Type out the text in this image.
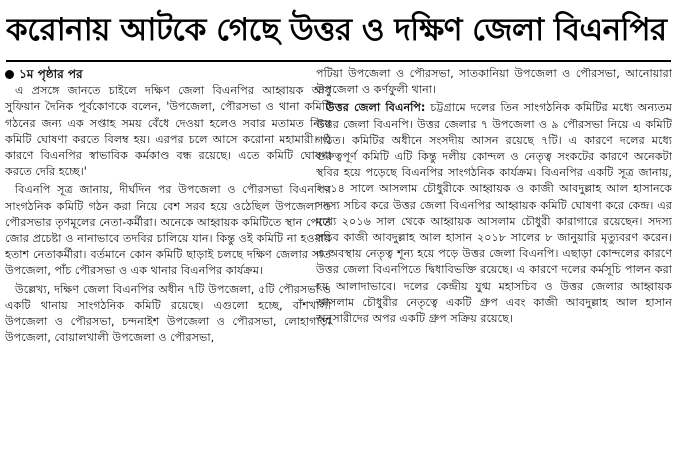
করোনায় আটকে গেছে উত্তর ও দক্ষিণ জেলা বিএনপির
১ম পৃষ্ঠার পর

এ প্রসঙ্গে জানতে চাইলে দক্ষিণ জেলা বিএনপির আহ্বায়ক আবু সুফিয়ান দৈনিক পূর্বকোণকে বলেন, 'উপজেলা, পৌরসভা ও থানা কমিটি গঠনের জন্য এক সপ্তাহ সময় বেঁধে দেওয়া হলেও সবার মতামত নিয়ে কমিটি ঘোষণা করতে বিলম্ব হয়। এরপর চলে আসে করোনা মহামারী। এ কারণে বিএনপির স্বাভাবিক কর্মকাণ্ড বন্ধ রয়েছে। এতে কমিটি ঘোষণা করতে দেরি হচ্ছে।'

বিএনপি সূত্র জানায়, দীর্ঘদিন পর উপজেলা ও পৌরসভা বিএনপির সাংগঠনিক কমিটি গঠন করা নিয়ে বেশ সরব হয়ে ওঠেছিল উপজেলা ও পৌরসভার তৃণমূলের নেতা-কর্মীরা। অনেকে আহ্বায়ক কমিটিতে স্থান পেতে জোর প্রচেষ্টা ও নানাভাবে তদবির চালিয়ে যান। কিন্তু ওই কমিটি না হওয়ায় হতাশ নেতাকর্মীরা। বর্তমানে কোন কমিটি ছাড়াই চলছে দক্ষিণ জেলার সাত উপজেলা, পাঁচ পৌরসভা ও এক থানার বিএনপির কার্যক্রম।

উল্লেখ্য, দক্ষিণ জেলা বিএনপির অধীন ৭টি উপজেলা, ৫টি পৌরসভা ও একটি থানায় সাংগঠনিক কমিটি রয়েছে। এগুলো হচ্ছে, বাঁশখালী উপজেলা ও পৌরসভা, চন্দনাইশ উপজেলা ও পৌরসভা, লোহাগাড়া উপজেলা, বোয়ালখালী উপজেলা ও পৌরসভা,

পটিয়া উপজেলা ও পৌরসভা, সাতকানিয়া উপজেলা ও পৌরসভা, আনোয়ারা উপজেলা ও কর্ণফুলী থানা।

উত্তর জেলা বিএনপি: চট্টগ্রামে দলের তিন সাংগঠনিক কমিটির মধ্যে অন্যতম উত্তর জেলা বিএনপি। উত্তর জেলার ৭ উপজেলা ও ৯ পৌরসভা নিয়ে এ কমিটি গঠিত। কমিটির অধীনে সংসদীয় আসন রয়েছে ৭টি। এ কারণে দলের মধ্যে গুরুত্বপূর্ণ কমিটি এটি কিন্তু দলীয় কোন্দল ও নেতৃত্ব সংকটের কারণে অনেকটা স্থবির হয়ে পড়েছে বিএনপির সাংগঠনিক কার্যক্রম। বিএনপির একটি সূত্র জানায়, ২০১৪ সালে আসলাম চৌধুরীকে আহ্বায়ক ও কাজী আবদুল্লাহ আল হাসানকে সদস্য সচিব করে উত্তর জেলা বিএনপির আহ্বায়ক কমিটি ঘোষণা করে কেন্দ্র। এর মধ্যে ২০১৬ সাল থেকে আহ্বায়ক আসলাম চৌধুরী কারাগারে রয়েছেন। সদস্য সচিব কাজী আবদুল্লাহ আল হাসান ২০১৮ সালের ৮ জানুয়ারি মৃত্যুবরণ করেন। এ অবস্থায় নেতৃত্ব শূন্য হয়ে পড়ে উত্তর জেলা বিএনপি। এছাড়া কোন্দলের কারণে উত্তর জেলা বিএনপিতে দ্বিধাবিভক্তি রয়েছে। এ কারণে দলের কর্মসূচি পালন করা হয় আলাদাভাবে। দলের কেন্দ্রীয় যুগ্ম মহাসচিব ও উত্তর জেলার আহ্বায়ক আসলাম চৌধুরীর নেতৃত্বে একটি গ্রুপ এবং কাজী আবদুল্লাহ আল হাসান অনুসারীদের অপর একটি গ্রুপ সক্রিয় রয়েছে।
